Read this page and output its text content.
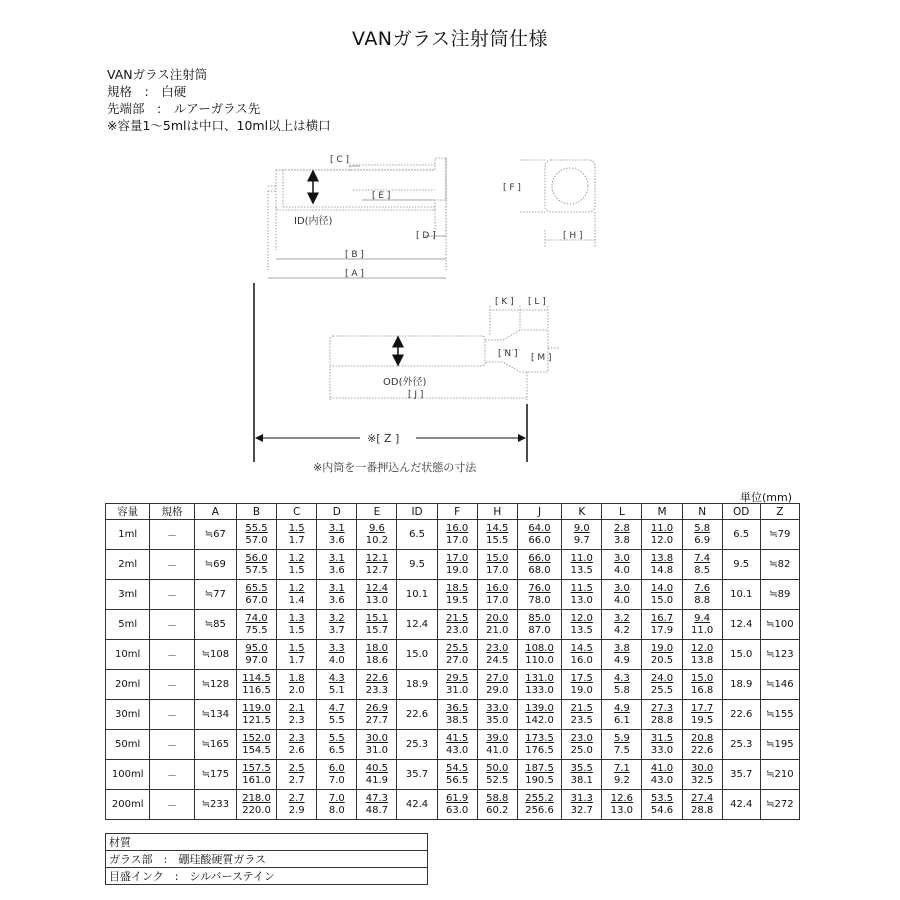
VANガラス注射筒仕様
VANガラス注射筒
規格　:　白硬
先端部　:　ルアーガラス先
※容量1～5mlは中口、10ml以上は横口
[ C ]
[ E ]
[ D ]
[ B ]
[ A ]
ID(内径)
[ F ]
[ H ]
[ K ] [ L ]
[ N ] [ M ]
OD(外径)
[ J ]
※[ Z ]
※内筒を一番押込んだ状態の寸法
単位(mm)
容量	規格	A	B	C	D	E	ID	F	H	J	K	L	M	N	OD	Z
1ml	－	≒67	$\frac{55.5}{57.0}$	$\frac{1.5}{1.7}$	$\frac{3.1}{3.6}$	$\frac{9.6}{10.2}$	6.5	$\frac{16.0}{17.0}$	$\frac{14.5}{15.5}$	$\frac{64.0}{66.0}$	$\frac{9.0}{9.7}$	$\frac{2.8}{3.8}$	$\frac{11.0}{12.0}$	$\frac{5.8}{6.9}$	6.5	≒79
2ml	－	≒69	$\frac{56.0}{57.5}$	$\frac{1.2}{1.5}$	$\frac{3.1}{3.6}$	$\frac{12.1}{12.7}$	9.5	$\frac{17.0}{19.0}$	$\frac{15.0}{17.0}$	$\frac{66.0}{68.0}$	$\frac{11.0}{13.5}$	$\frac{3.0}{4.0}$	$\frac{13.8}{14.8}$	$\frac{7.4}{8.5}$	9.5	≒82
3ml	－	≒77	$\frac{65.5}{67.0}$	$\frac{1.2}{1.4}$	$\frac{3.1}{3.6}$	$\frac{12.4}{13.0}$	10.1	$\frac{18.5}{19.5}$	$\frac{16.0}{17.0}$	$\frac{76.0}{78.0}$	$\frac{11.5}{13.0}$	$\frac{3.0}{4.0}$	$\frac{14.0}{15.0}$	$\frac{7.6}{8.8}$	10.1	≒89
5ml	－	≒85	$\frac{74.0}{75.5}$	$\frac{1.3}{1.5}$	$\frac{3.2}{3.7}$	$\frac{15.1}{15.7}$	12.4	$\frac{21.5}{23.0}$	$\frac{20.0}{21.0}$	$\frac{85.0}{87.0}$	$\frac{12.0}{13.5}$	$\frac{3.2}{4.2}$	$\frac{16.7}{17.9}$	$\frac{9.4}{11.0}$	12.4	≒100
10ml	－	≒108	$\frac{95.0}{97.0}$	$\frac{1.5}{1.7}$	$\frac{3.3}{4.0}$	$\frac{18.0}{18.6}$	15.0	$\frac{25.5}{27.0}$	$\frac{23.0}{24.5}$	$\frac{108.0}{110.0}$	$\frac{14.5}{16.0}$	$\frac{3.8}{4.9}$	$\frac{19.0}{20.5}$	$\frac{12.0}{13.8}$	15.0	≒123
20ml	－	≒128	$\frac{114.5}{116.5}$	$\frac{1.8}{2.0}$	$\frac{4.3}{5.1}$	$\frac{22.6}{23.3}$	18.9	$\frac{29.5}{31.0}$	$\frac{27.0}{29.0}$	$\frac{131.0}{133.0}$	$\frac{17.5}{19.0}$	$\frac{4.3}{5.8}$	$\frac{24.0}{25.5}$	$\frac{15.0}{16.8}$	18.9	≒146
30ml	－	≒134	$\frac{119.0}{121.5}$	$\frac{2.1}{2.3}$	$\frac{4.7}{5.5}$	$\frac{26.9}{27.7}$	22.6	$\frac{36.5}{38.5}$	$\frac{33.0}{35.0}$	$\frac{139.0}{142.0}$	$\frac{21.5}{23.5}$	$\frac{4.9}{6.1}$	$\frac{27.3}{28.8}$	$\frac{17.7}{19.5}$	22.6	≒155
50ml	－	≒165	$\frac{152.0}{154.5}$	$\frac{2.3}{2.6}$	$\frac{5.5}{6.5}$	$\frac{30.0}{31.0}$	25.3	$\frac{41.5}{43.0}$	$\frac{39.0}{41.0}$	$\frac{173.5}{176.5}$	$\frac{23.0}{25.0}$	$\frac{5.9}{7.5}$	$\frac{31.5}{33.0}$	$\frac{20.8}{22.6}$	25.3	≒195
100ml	－	≒175	$\frac{157.5}{161.0}$	$\frac{2.5}{2.7}$	$\frac{6.0}{7.0}$	$\frac{40.5}{41.9}$	35.7	$\frac{54.5}{56.5}$	$\frac{50.0}{52.5}$	$\frac{187.5}{190.5}$	$\frac{35.5}{38.1}$	$\frac{7.1}{9.2}$	$\frac{41.0}{43.0}$	$\frac{30.0}{32.5}$	35.7	≒210
200ml	－	≒233	$\frac{218.0}{220.0}$	$\frac{2.7}{2.9}$	$\frac{7.0}{8.0}$	$\frac{47.3}{48.7}$	42.4	$\frac{61.9}{63.0}$	$\frac{58.8}{60.2}$	$\frac{255.2}{256.6}$	$\frac{31.3}{32.7}$	$\frac{12.6}{13.0}$	$\frac{53.5}{54.6}$	$\frac{27.4}{28.8}$	42.4	≒272
材質
ガラス部　:　硼珪酸硬質ガラス
目盛インク　:　シルバーステイン
